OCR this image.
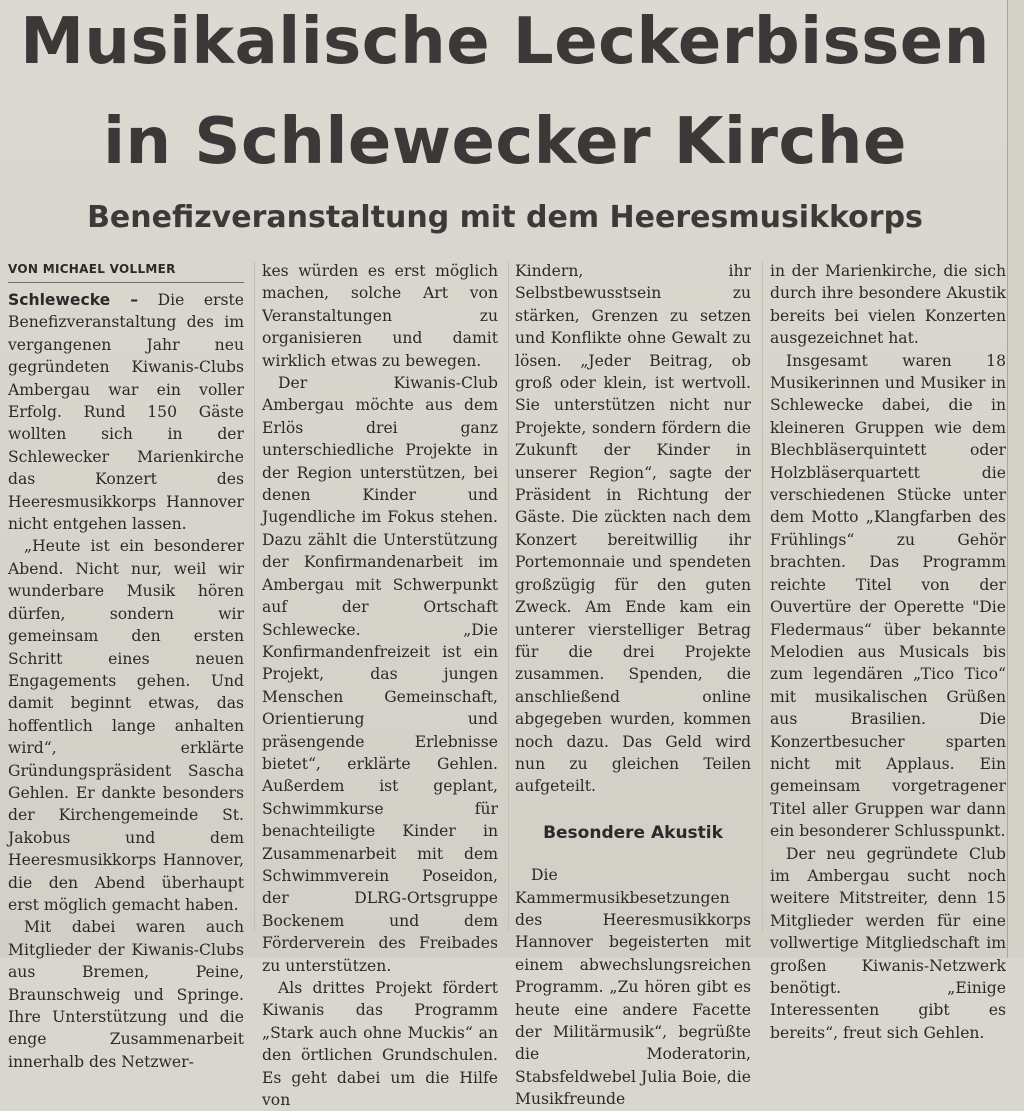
Musikalische Leckerbissen
in Schlewecker Kirche
Benefizveranstaltung mit dem Heeresmusikkorps
VON MICHAEL VOLLMER

Schlewecke – Die erste Benefizveranstaltung des im vergangenen Jahr neu gegründeten Kiwanis-Clubs Ambergau war ein voller Erfolg. Rund 150 Gäste wollten sich in der Schlewecker Marienkirche das Konzert des Heeresmusikkorps Hannover nicht entgehen lassen.

„Heute ist ein besonderer Abend. Nicht nur, weil wir wunderbare Musik hören dürfen, sondern wir gemeinsam den ersten Schritt eines neuen Engagements gehen. Und damit beginnt etwas, das hoffentlich lange anhalten wird“, erklärte Gründungspräsident Sascha Gehlen. Er dankte besonders der Kirchengemeinde St. Jakobus und dem Heeresmusikkorps Hannover, die den Abend überhaupt erst möglich gemacht haben.

Mit dabei waren auch Mitglieder der Kiwanis-Clubs aus Bremen, Peine, Braunschweig und Springe. Ihre Unterstützung und die enge Zusammenarbeit innerhalb des Netzwer-

kes würden es erst möglich machen, solche Art von Veranstaltungen zu organisieren und damit wirklich etwas zu bewegen.

Der Kiwanis-Club Ambergau möchte aus dem Erlös drei ganz unterschiedliche Projekte in der Region unterstützen, bei denen Kinder und Jugendliche im Fokus stehen. Dazu zählt die Unterstützung der Konfirmandenarbeit im Ambergau mit Schwerpunkt auf der Ortschaft Schlewecke. „Die Konfirmandenfreizeit ist ein Projekt, das jungen Menschen Gemeinschaft, Orientierung und präsengende Erlebnisse bietet“, erklärte Gehlen. Außerdem ist geplant, Schwimmkurse für benachteiligte Kinder in Zusammenarbeit mit dem Schwimmverein Poseidon, der DLRG-Ortsgruppe Bockenem und dem Förderverein des Freibades zu unterstützen.

Als drittes Projekt fördert Kiwanis das Programm „Stark auch ohne Muckis“ an den örtlichen Grundschulen. Es geht dabei um die Hilfe von

Kindern, ihr Selbstbewusstsein zu stärken, Grenzen zu setzen und Konflikte ohne Gewalt zu lösen. „Jeder Beitrag, ob groß oder klein, ist wertvoll. Sie unterstützen nicht nur Projekte, sondern fördern die Zukunft der Kinder in unserer Region“, sagte der Präsident in Richtung der Gäste. Die zückten nach dem Konzert bereitwillig ihr Portemonnaie und spendeten großzügig für den guten Zweck. Am Ende kam ein unterer vierstelliger Betrag für die drei Projekte zusammen. Spenden, die anschließend online abgegeben wurden, kommen noch dazu. Das Geld wird nun zu gleichen Teilen aufgeteilt.

Besondere Akustik

Die Kammermusikbesetzungen des Heeresmusikkorps Hannover begeisterten mit einem abwechslungsreichen Programm. „Zu hören gibt es heute eine andere Facette der Militärmusik“, begrüßte die Moderatorin, Stabsfeldwebel Julia Boie, die Musikfreunde

in der Marienkirche, die sich durch ihre besondere Akustik bereits bei vielen Konzerten ausgezeichnet hat.

Insgesamt waren 18 Musikerinnen und Musiker in Schlewecke dabei, die in kleineren Gruppen wie dem Blechbläserquintett oder Holzbläserquartett die verschiedenen Stücke unter dem Motto „Klangfarben des Frühlings“ zu Gehör brachten. Das Programm reichte Titel von der Ouvertüre der Operette "Die Fledermaus“ über bekannte Melodien aus Musicals bis zum legendären „Tico Tico“ mit musikalischen Grüßen aus Brasilien. Die Konzertbesucher sparten nicht mit Applaus. Ein gemeinsam vorgetragener Titel aller Gruppen war dann ein besonderer Schlusspunkt.

Der neu gegründete Club im Ambergau sucht noch weitere Mitstreiter, denn 15 Mitglieder werden für eine vollwertige Mitgliedschaft im großen Kiwanis-Netzwerk benötigt. „Einige Interessenten gibt es bereits“, freut sich Gehlen.
